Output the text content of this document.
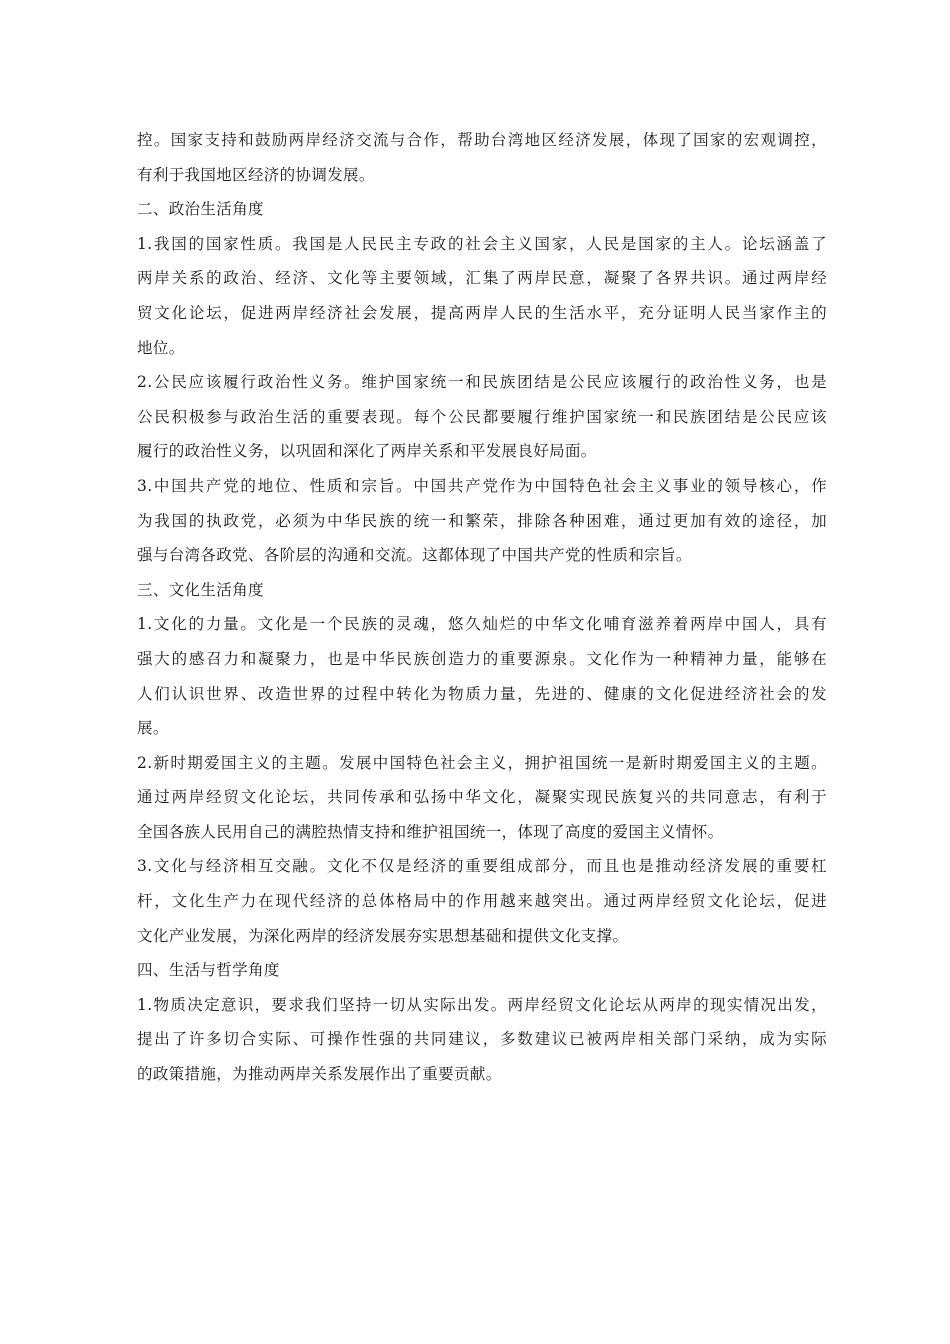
控。国家支持和鼓励两岸经济交流与合作，帮助台湾地区经济发展，体现了国家的宏观调控，
有利于我国地区经济的协调发展。
二、政治生活角度
1.我国的国家性质。我国是人民民主专政的社会主义国家，人民是国家的主人。论坛涵盖了
两岸关系的政治、经济、文化等主要领域，汇集了两岸民意，凝聚了各界共识。通过两岸经
贸文化论坛，促进两岸经济社会发展，提高两岸人民的生活水平，充分证明人民当家作主的
地位。
2.公民应该履行政治性义务。维护国家统一和民族团结是公民应该履行的政治性义务，也是
公民积极参与政治生活的重要表现。每个公民都要履行维护国家统一和民族团结是公民应该
履行的政治性义务，以巩固和深化了两岸关系和平发展良好局面。
3.中国共产党的地位、性质和宗旨。中国共产党作为中国特色社会主义事业的领导核心，作
为我国的执政党，必须为中华民族的统一和繁荣，排除各种困难，通过更加有效的途径，加
强与台湾各政党、各阶层的沟通和交流。这都体现了中国共产党的性质和宗旨。
三、文化生活角度
1.文化的力量。文化是一个民族的灵魂，悠久灿烂的中华文化哺育滋养着两岸中国人，具有
强大的感召力和凝聚力，也是中华民族创造力的重要源泉。文化作为一种精神力量，能够在
人们认识世界、改造世界的过程中转化为物质力量，先进的、健康的文化促进经济社会的发
展。
2.新时期爱国主义的主题。发展中国特色社会主义，拥护祖国统一是新时期爱国主义的主题。
通过两岸经贸文化论坛，共同传承和弘扬中华文化，凝聚实现民族复兴的共同意志，有利于
全国各族人民用自己的满腔热情支持和维护祖国统一，体现了高度的爱国主义情怀。
3.文化与经济相互交融。文化不仅是经济的重要组成部分，而且也是推动经济发展的重要杠
杆，文化生产力在现代经济的总体格局中的作用越来越突出。通过两岸经贸文化论坛，促进
文化产业发展，为深化两岸的经济发展夯实思想基础和提供文化支撑。
四、生活与哲学角度
1.物质决定意识，要求我们坚持一切从实际出发。两岸经贸文化论坛从两岸的现实情况出发，
提出了许多切合实际、可操作性强的共同建议，多数建议已被两岸相关部门采纳，成为实际
的政策措施，为推动两岸关系发展作出了重要贡献。
